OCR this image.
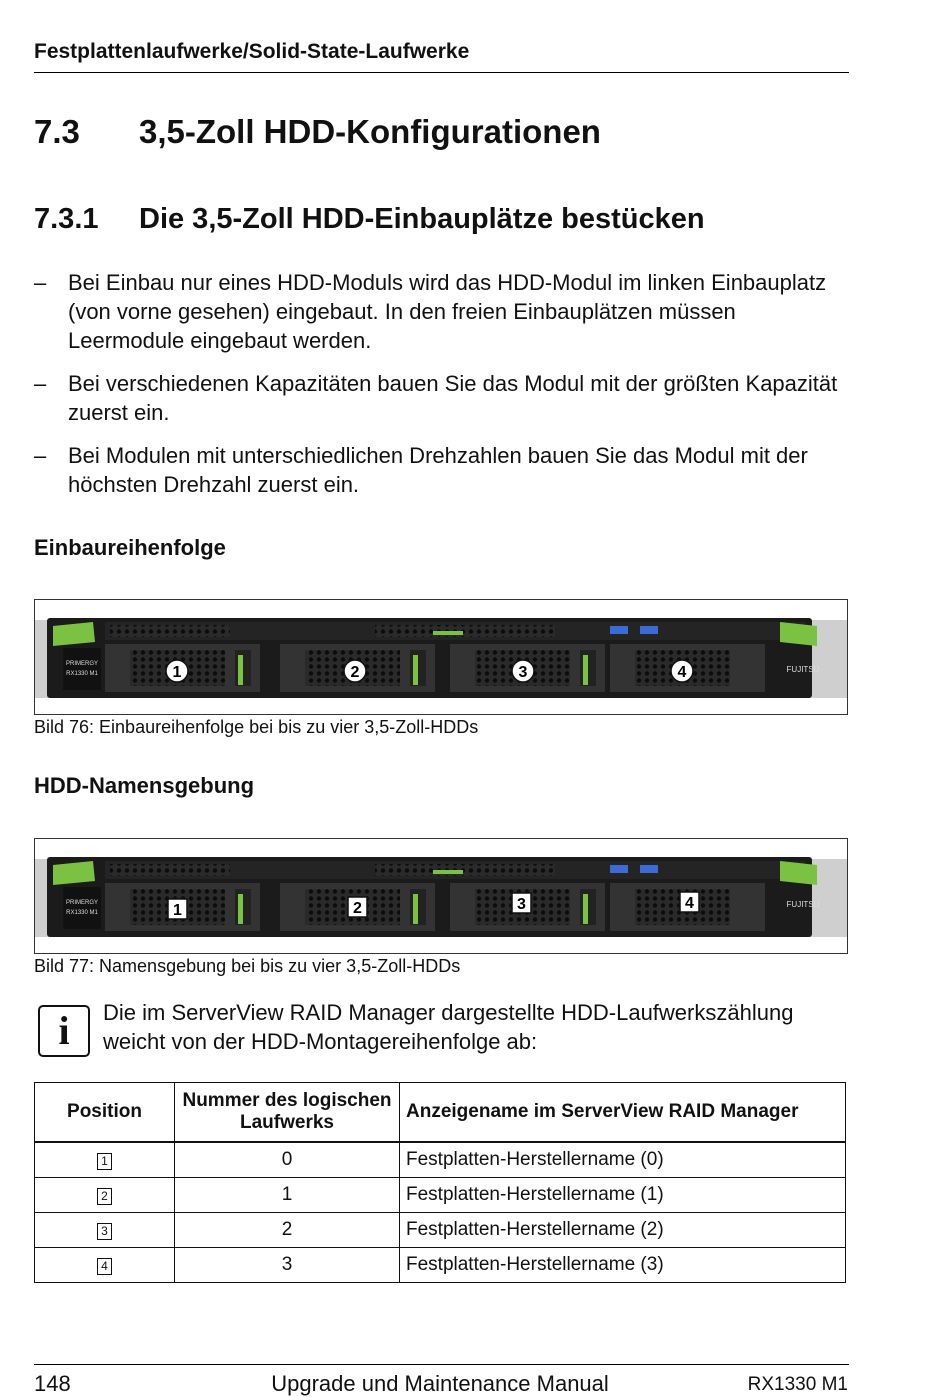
Festplattenlaufwerke/Solid-State-Laufwerke
7.3 3,5-Zoll HDD-Konfigurationen
7.3.1 Die 3,5-Zoll HDD-Einbauplätze bestücken
– Bei Einbau nur eines HDD-Moduls wird das HDD-Modul im linken Einbauplatz (von vorne gesehen) eingebaut. In den freien Einbauplätzen müssen Leermodule eingebaut werden.
– Bei verschiedenen Kapazitäten bauen Sie das Modul mit der größten Kapazität zuerst ein.
– Bei Modulen mit unterschiedlichen Drehzahlen bauen Sie das Modul mit der höchsten Drehzahl zuerst ein.
Einbaureihenfolge
PRIMERGY
RX1330 M1	FUJITSU
1	2	3	4
Bild 76: Einbaureihenfolge bei bis zu vier 3,5-Zoll-HDDs
HDD-Namensgebung
PRIMERGY
RX1330 M1
FUJITSU
1	2	3	4
Bild 77: Namensgebung bei bis zu vier 3,5-Zoll-HDDs
i	Die im ServerView RAID Manager dargestellte HDD-Laufwerkszählung weicht von der HDD-Montagereihenfolge ab:
Position	Nummer des logischen Laufwerks	Anzeigename im ServerView RAID Manager
1	0	Festplatten-Herstellername (0)
2	1	Festplatten-Herstellername (1)
3	2	Festplatten-Herstellername (2)
4	3	Festplatten-Herstellername (3)
148	Upgrade und Maintenance Manual	RX1330 M1
